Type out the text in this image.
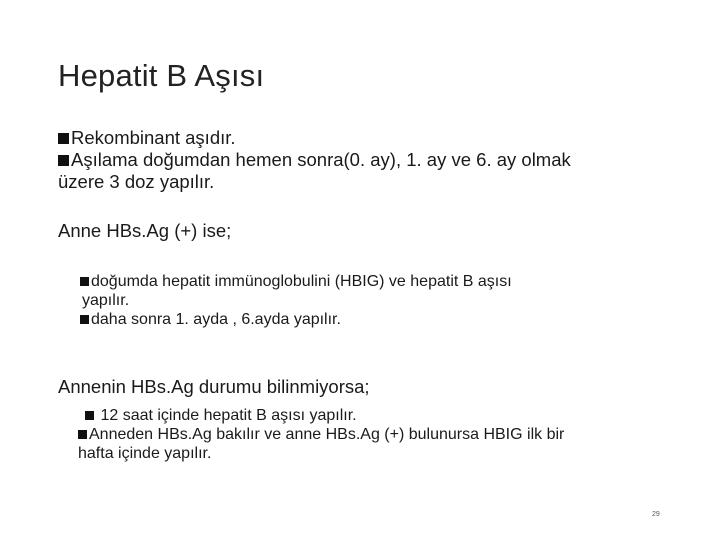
Hepatit B Aşısı
Rekombinant aşıdır.
Aşılama doğumdan hemen sonra(0. ay), 1. ay ve 6. ay olmak
üzere 3 doz yapılır.
Anne HBs.Ag (+) ise;
doğumda hepatit immünoglobulini (HBIG) ve hepatit B aşısı
yapılır.
daha sonra 1. ayda , 6.ayda yapılır.
Annenin HBs.Ag durumu bilinmiyorsa;
12 saat içinde hepatit B aşısı yapılır.
Anneden HBs.Ag bakılır ve anne HBs.Ag (+) bulunursa HBIG ilk bir
hafta içinde yapılır.
29
